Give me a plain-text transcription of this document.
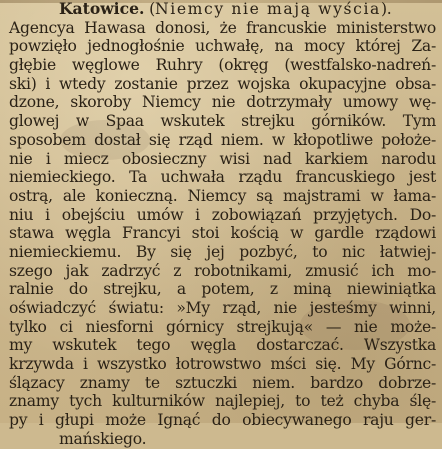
Katowice. (Niemcy nie mają wyścia).
Agencya Hawasa donosi, że francuskie ministerstwo
powzięło jednogłośnie uchwałę, na mocy której Za-
głębie węglowe Ruhry (okręg (westfalsko-nadreń-
ski) i wtedy zostanie przez wojska okupacyjne obsa-
dzone, skoroby Niemcy nie dotrzymały umowy wę-
glowej w Spaa wskutek strejku górników. Tym
sposobem dostał się rząd niem. w kłopotliwe położe-
nie i miecz obosieczny wisi nad karkiem narodu
niemieckiego. Ta uchwała rządu francuskiego jest
ostrą, ale konieczną. Niemcy są majstrami w łama-
niu i obejściu umów i zobowiązań przyjętych. Do-
stawa węgla Francyi stoi kością w gardle rządowi
niemieckiemu. By się jej pozbyć, to nic łatwiej-
szego jak zadrzyć z robotnikami, zmusić ich mo-
ralnie do strejku, a potem, z miną niewiniątka
oświadczyć światu: »My rząd, nie jesteśmy winni,
tylko ci niesforni górnicy strejkują« — nie może-
my wskutek tego węgla dostarczać. Wszystka
krzywda i wszystko łotrowstwo mści się. My Górnc-
ślązacy znamy te sztuczki niem. bardzo dobrze-
znamy tych kulturników najlepiej, to też chyba ślę-
py i głupi może Ignąć do obiecywanego raju ger-
mańskiego.
